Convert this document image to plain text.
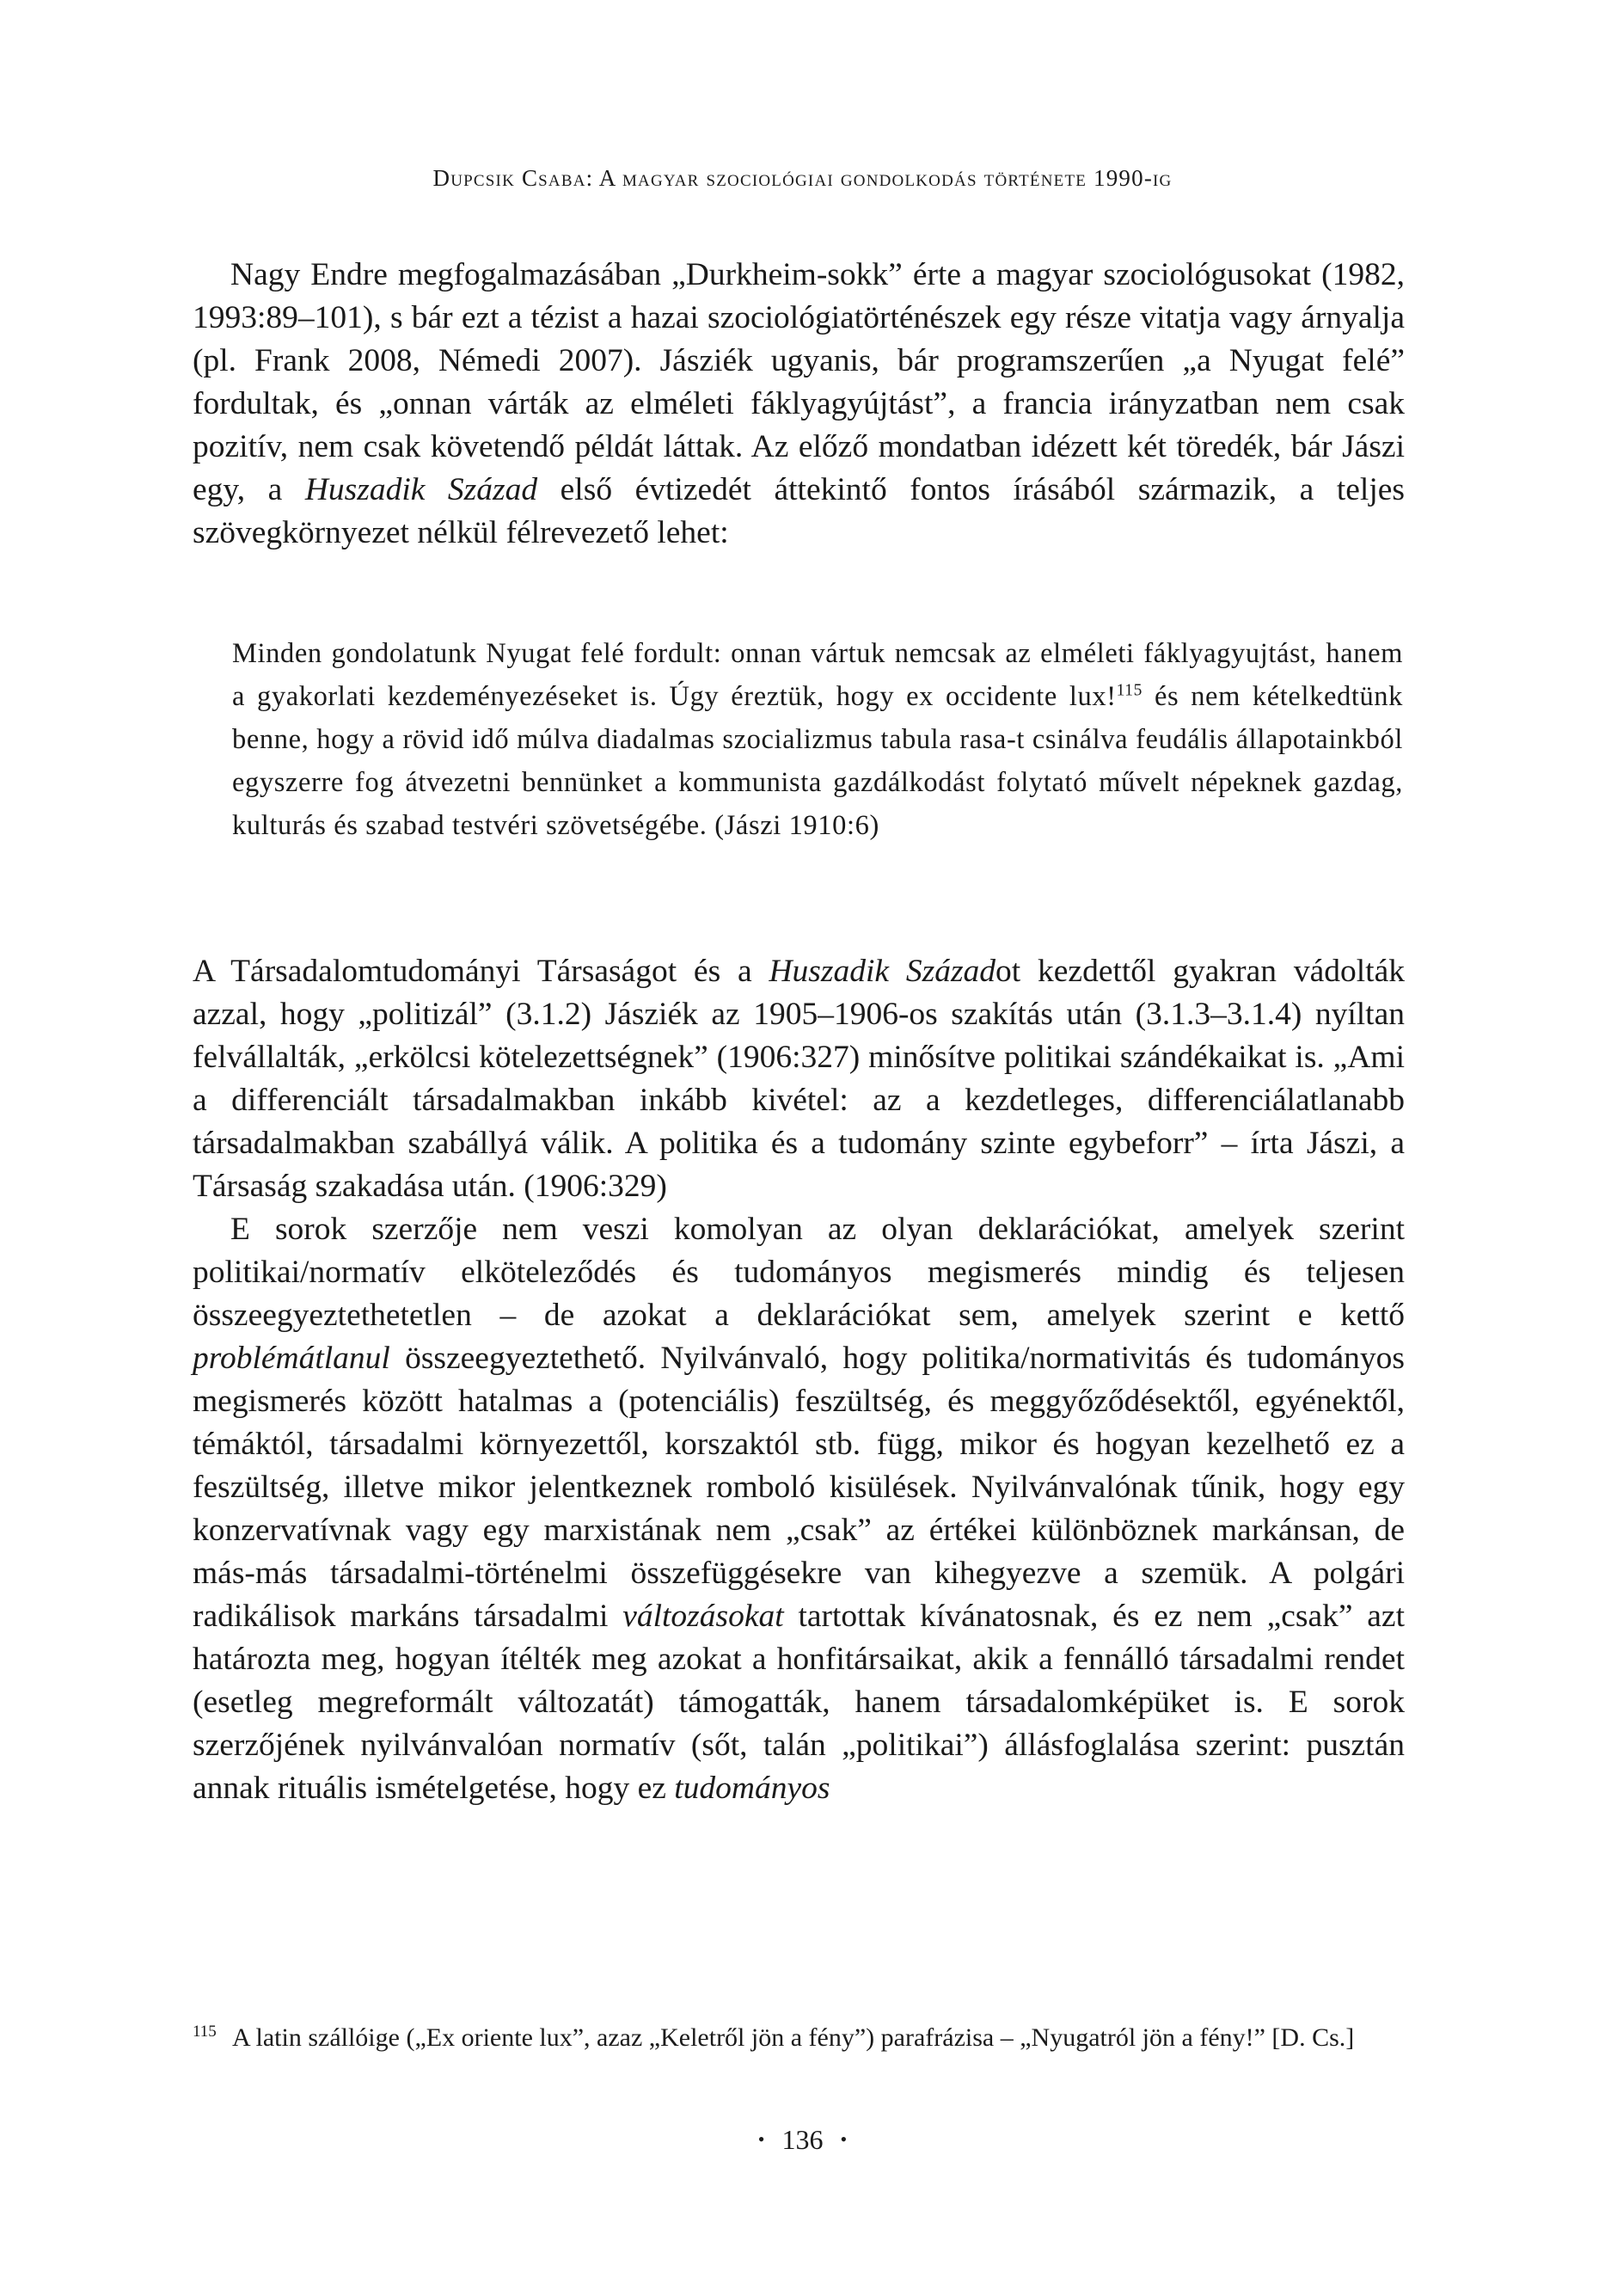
Dupcsik Csaba: A magyar szociológiai gondolkodás története 1990-ig

Nagy Endre megfogalmazásában „Durkheim-sokk” érte a magyar szociológusokat (1982, 1993:89–101), s bár ezt a tézist a hazai szociológiatörténészek egy része vitatja vagy árnyalja (pl. Frank 2008, Némedi 2007). Jásziék ugyanis, bár programszerűen „a Nyugat felé” fordultak, és „onnan várták az elméleti fáklyagyújtást”, a francia irányzatban nem csak pozitív, nem csak követendő példát láttak. Az előző mondatban idézett két töredék, bár Jászi egy, a Huszadik Század első évtizedét áttekintő fontos írásából származik, a teljes szövegkörnyezet nélkül félrevezető lehet:

Minden gondolatunk Nyugat felé fordult: onnan vártuk nemcsak az elméleti fáklyagyujtást, hanem a gyakorlati kezdeményezéseket is. Úgy éreztük, hogy ex occidente lux!$^{115}$ és nem kételkedtünk benne, hogy a rövid idő múlva diadalmas szocializmus tabula rasa-t csinálva feudális állapotainkból egyszerre fog átvezetni bennünket a kommunista gazdálkodást folytató művelt népeknek gazdag, kulturás és szabad testvéri szövetségébe. (Jászi 1910:6)

A Társadalomtudományi Társaságot és a Huszadik Századot kezdettől gyakran vádolták azzal, hogy „politizál” (3.1.2) Jásziék az 1905–1906-os szakítás után (3.1.3–3.1.4) nyíltan felvállalták, „erkölcsi kötelezettségnek” (1906:327) minősítve politikai szándékaikat is. „Ami a differenciált társadalmakban inkább kivétel: az a kezdetleges, differenciálatlanabb társadalmakban szabállyá válik. A politika és a tudomány szinte egybeforr” – írta Jászi, a Társaság szakadása után. (1906:329)

E sorok szerzője nem veszi komolyan az olyan deklarációkat, amelyek szerint politikai/normatív elköteleződés és tudományos megismerés mindig és teljesen összeegyeztethetetlen – de azokat a deklarációkat sem, amelyek szerint e kettő problémátlanul összeegyeztethető. Nyilvánvaló, hogy politika/normativitás és tudományos megismerés között hatalmas a (potenciális) feszültség, és meggyőződésektől, egyénektől, témáktól, társadalmi környezettől, korszaktól stb. függ, mikor és hogyan kezelhető ez a feszültség, illetve mikor jelentkeznek romboló kisülések. Nyilvánvalónak tűnik, hogy egy konzervatívnak vagy egy marxistának nem „csak” az értékei különböznek markánsan, de más-más társadalmi-történelmi összefüggésekre van kihegyezve a szemük. A polgári radikálisok markáns társadalmi változásokat tartottak kívánatosnak, és ez nem „csak” azt határozta meg, hogyan ítélték meg azokat a honfitársaikat, akik a fennálló társadalmi rendet (esetleg megreformált változatát) támogatták, hanem társadalomképüket is. E sorok szerzőjének nyilvánvalóan normatív (sőt, talán „politikai”) állásfoglalása szerint: pusztán annak rituális ismételgetése, hogy ez tudományos

115 A latin szállóige („Ex oriente lux”, azaz „Keletről jön a fény”) parafrázisa – „Nyugatról jön a fény!” [D. Cs.]
• 136 •
